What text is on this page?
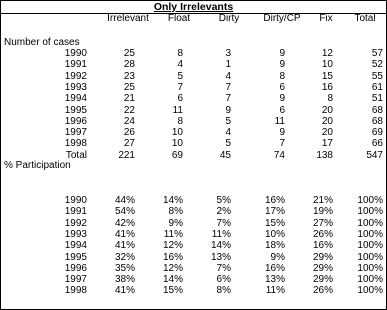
Only Irrelevants
Irrelevant	Float	Dirty	Dirty/CP	Fix	Total
Number of cases
1990	25	8	3	9	12	57
1991	28	4	1	9	10	52
1992	23	5	4	8	15	55
1993	25	7	7	6	16	61
1994	21	6	7	9	8	51
1995	22	11	9	6	20	68
1996	24	8	5	11	20	68
1997	26	10	4	9	20	69
1998	27	10	5	7	17	66
Total	221	69	45	74	138	547
% Participation
1990	44%	14%	5%	16%	21%	100%
1991	54%	8%	2%	17%	19%	100%
1992	42%	9%	7%	15%	27%	100%
1993	41%	11%	11%	10%	26%	100%
1994	41%	12%	14%	18%	16%	100%
1995	32%	16%	13%	9%	29%	100%
1996	35%	12%	7%	16%	29%	100%
1997	38%	14%	6%	13%	29%	100%
1998	41%	15%	8%	11%	26%	100%
